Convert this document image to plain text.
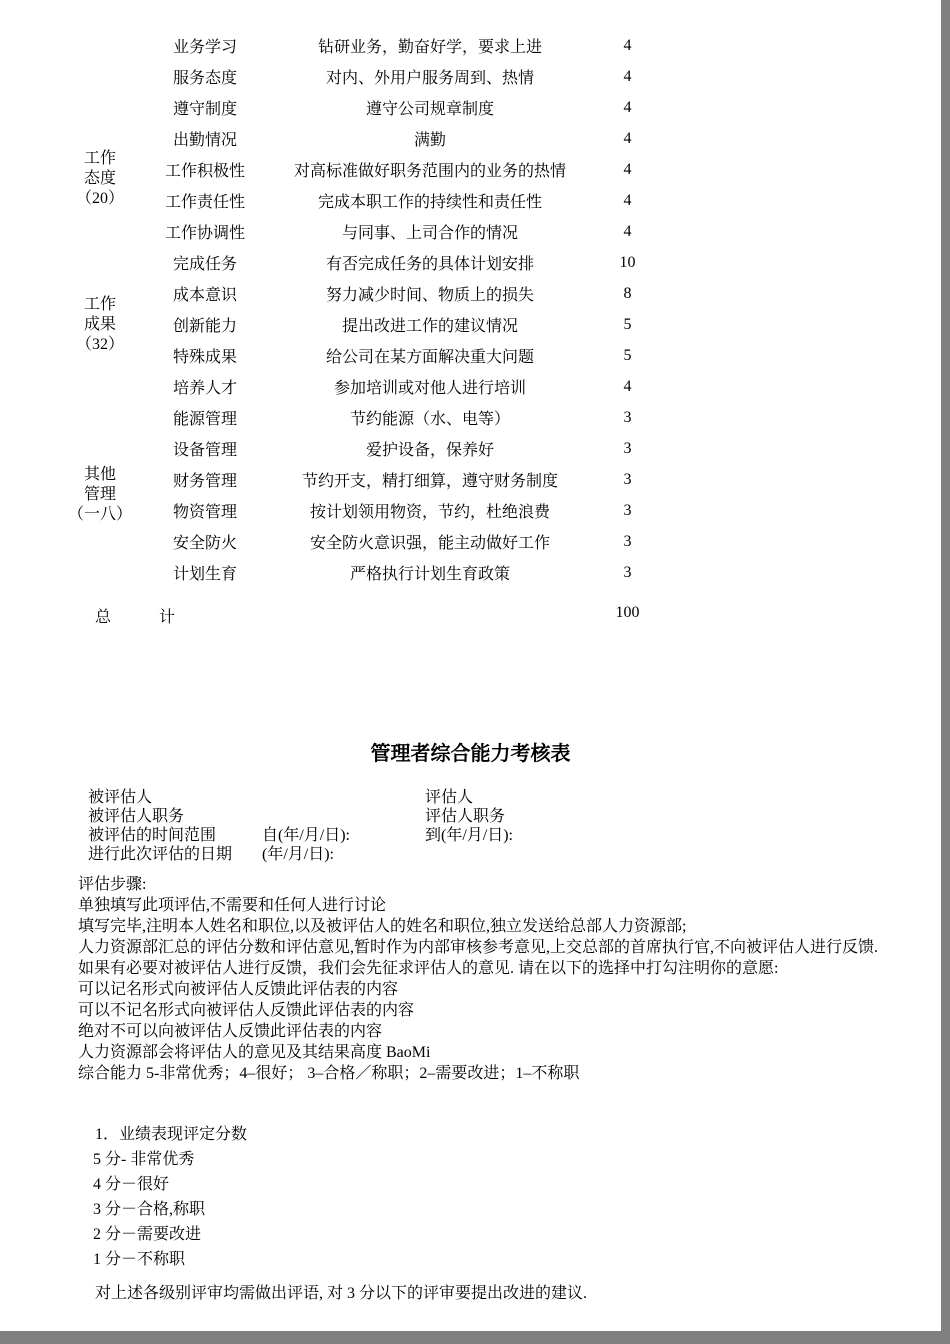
工作
态度
（20）
业务学习	钻研业务，勤奋好学，要求上进	4
服务态度	对内、外用户服务周到、热情	4
遵守制度	遵守公司规章制度	4
出勤情况	满勤	4
工作积极性	对高标准做好职务范围内的业务的热情	4
工作责任性	完成本职工作的持续性和责任性	4
工作协调性	与同事、上司合作的情况	4
工作
成果
（32）
完成任务	有否完成任务的具体计划安排	10
成本意识	努力减少时间、物质上的损失	8
创新能力	提出改进工作的建议情况	5
特殊成果	给公司在某方面解决重大问题	5
培养人才	参加培训或对他人进行培训	4
其他
管理
（一八）
能源管理	节约能源（水、电等）	3
设备管理	爱护设备，保养好	3
财务管理	节约开支，精打细算，遵守财务制度	3
物资管理	按计划领用物资，节约，杜绝浪费	3
安全防火	安全防火意识强，能主动做好工作	3
计划生育	严格执行计划生育政策	3
总　　　计	100
管理者综合能力考核表
被评估人	评估人
被评估人职务	评估人职务
被评估的时间范围	自(年/月/日):	到(年/月/日):
进行此次评估的日期 (年/月/日):
评估步骤:
单独填写此项评估,不需要和任何人进行讨论
填写完毕,注明本人姓名和职位,以及被评估人的姓名和职位,独立发送给总部人力资源部;
人力资源部汇总的评估分数和评估意见,暂时作为内部审核参考意见,上交总部的首席执行官,不向被评估人进行反馈.
如果有必要对被评估人进行反馈，我们会先征求评估人的意见. 请在以下的选择中打勾注明你的意愿:
可以记名形式向被评估人反馈此评估表的内容
可以不记名形式向被评估人反馈此评估表的内容
绝对不可以向被评估人反馈此评估表的内容
人力资源部会将评估人的意见及其结果高度 BaoMi
综合能力 5-非常优秀；4–很好； 3–合格／称职；2–需要改进；1–不称职
1．业绩表现评定分数
5 分- 非常优秀
4 分－很好
3 分－合格,称职
2 分－需要改进
1 分－不称职
对上述各级别评审均需做出评语, 对 3 分以下的评审要提出改进的建议.
